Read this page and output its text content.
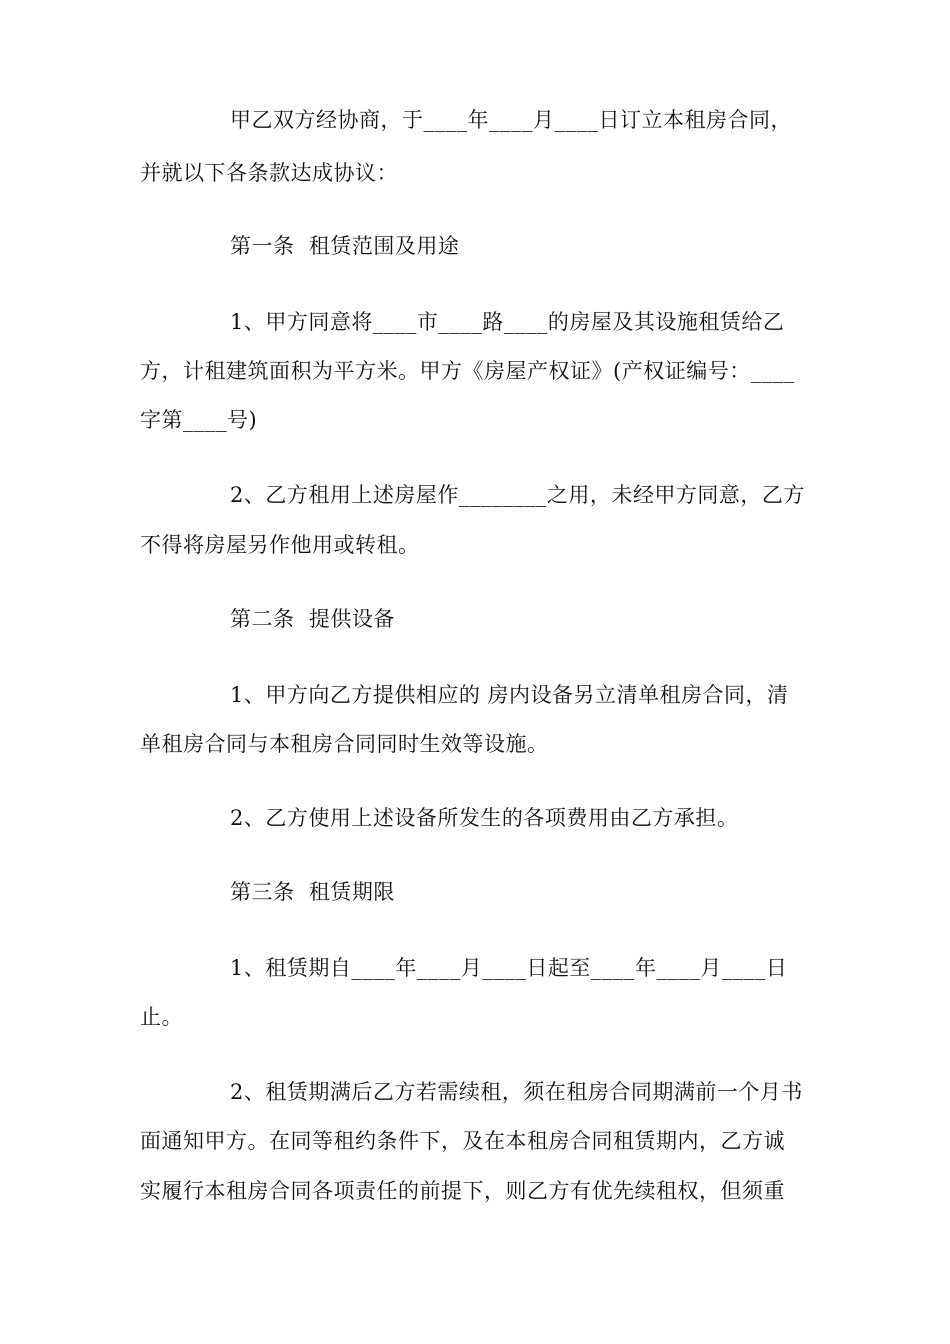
甲乙双方经协商，于____年____月____日订立本租房合同，
并就以下各条款达成协议：
第一条  租赁范围及用途
1、甲方同意将____市____路____的房屋及其设施租赁给乙
方，计租建筑面积为平方米。甲方《房屋产权证》(产权证编号：____
字第____号)
2、乙方租用上述房屋作________之用，未经甲方同意，乙方
不得将房屋另作他用或转租。
第二条  提供设备
1、甲方向乙方提供相应的 房内设备另立清单租房合同，清
单租房合同与本租房合同同时生效等设施。
2、乙方使用上述设备所发生的各项费用由乙方承担。
第三条  租赁期限
1、租赁期自____年____月____日起至____年____月____日
止。
2、租赁期满后乙方若需续租，须在租房合同期满前一个月书
面通知甲方。在同等租约条件下，及在本租房合同租赁期内，乙方诚
实履行本租房合同各项责任的前提下，则乙方有优先续租权，但须重
